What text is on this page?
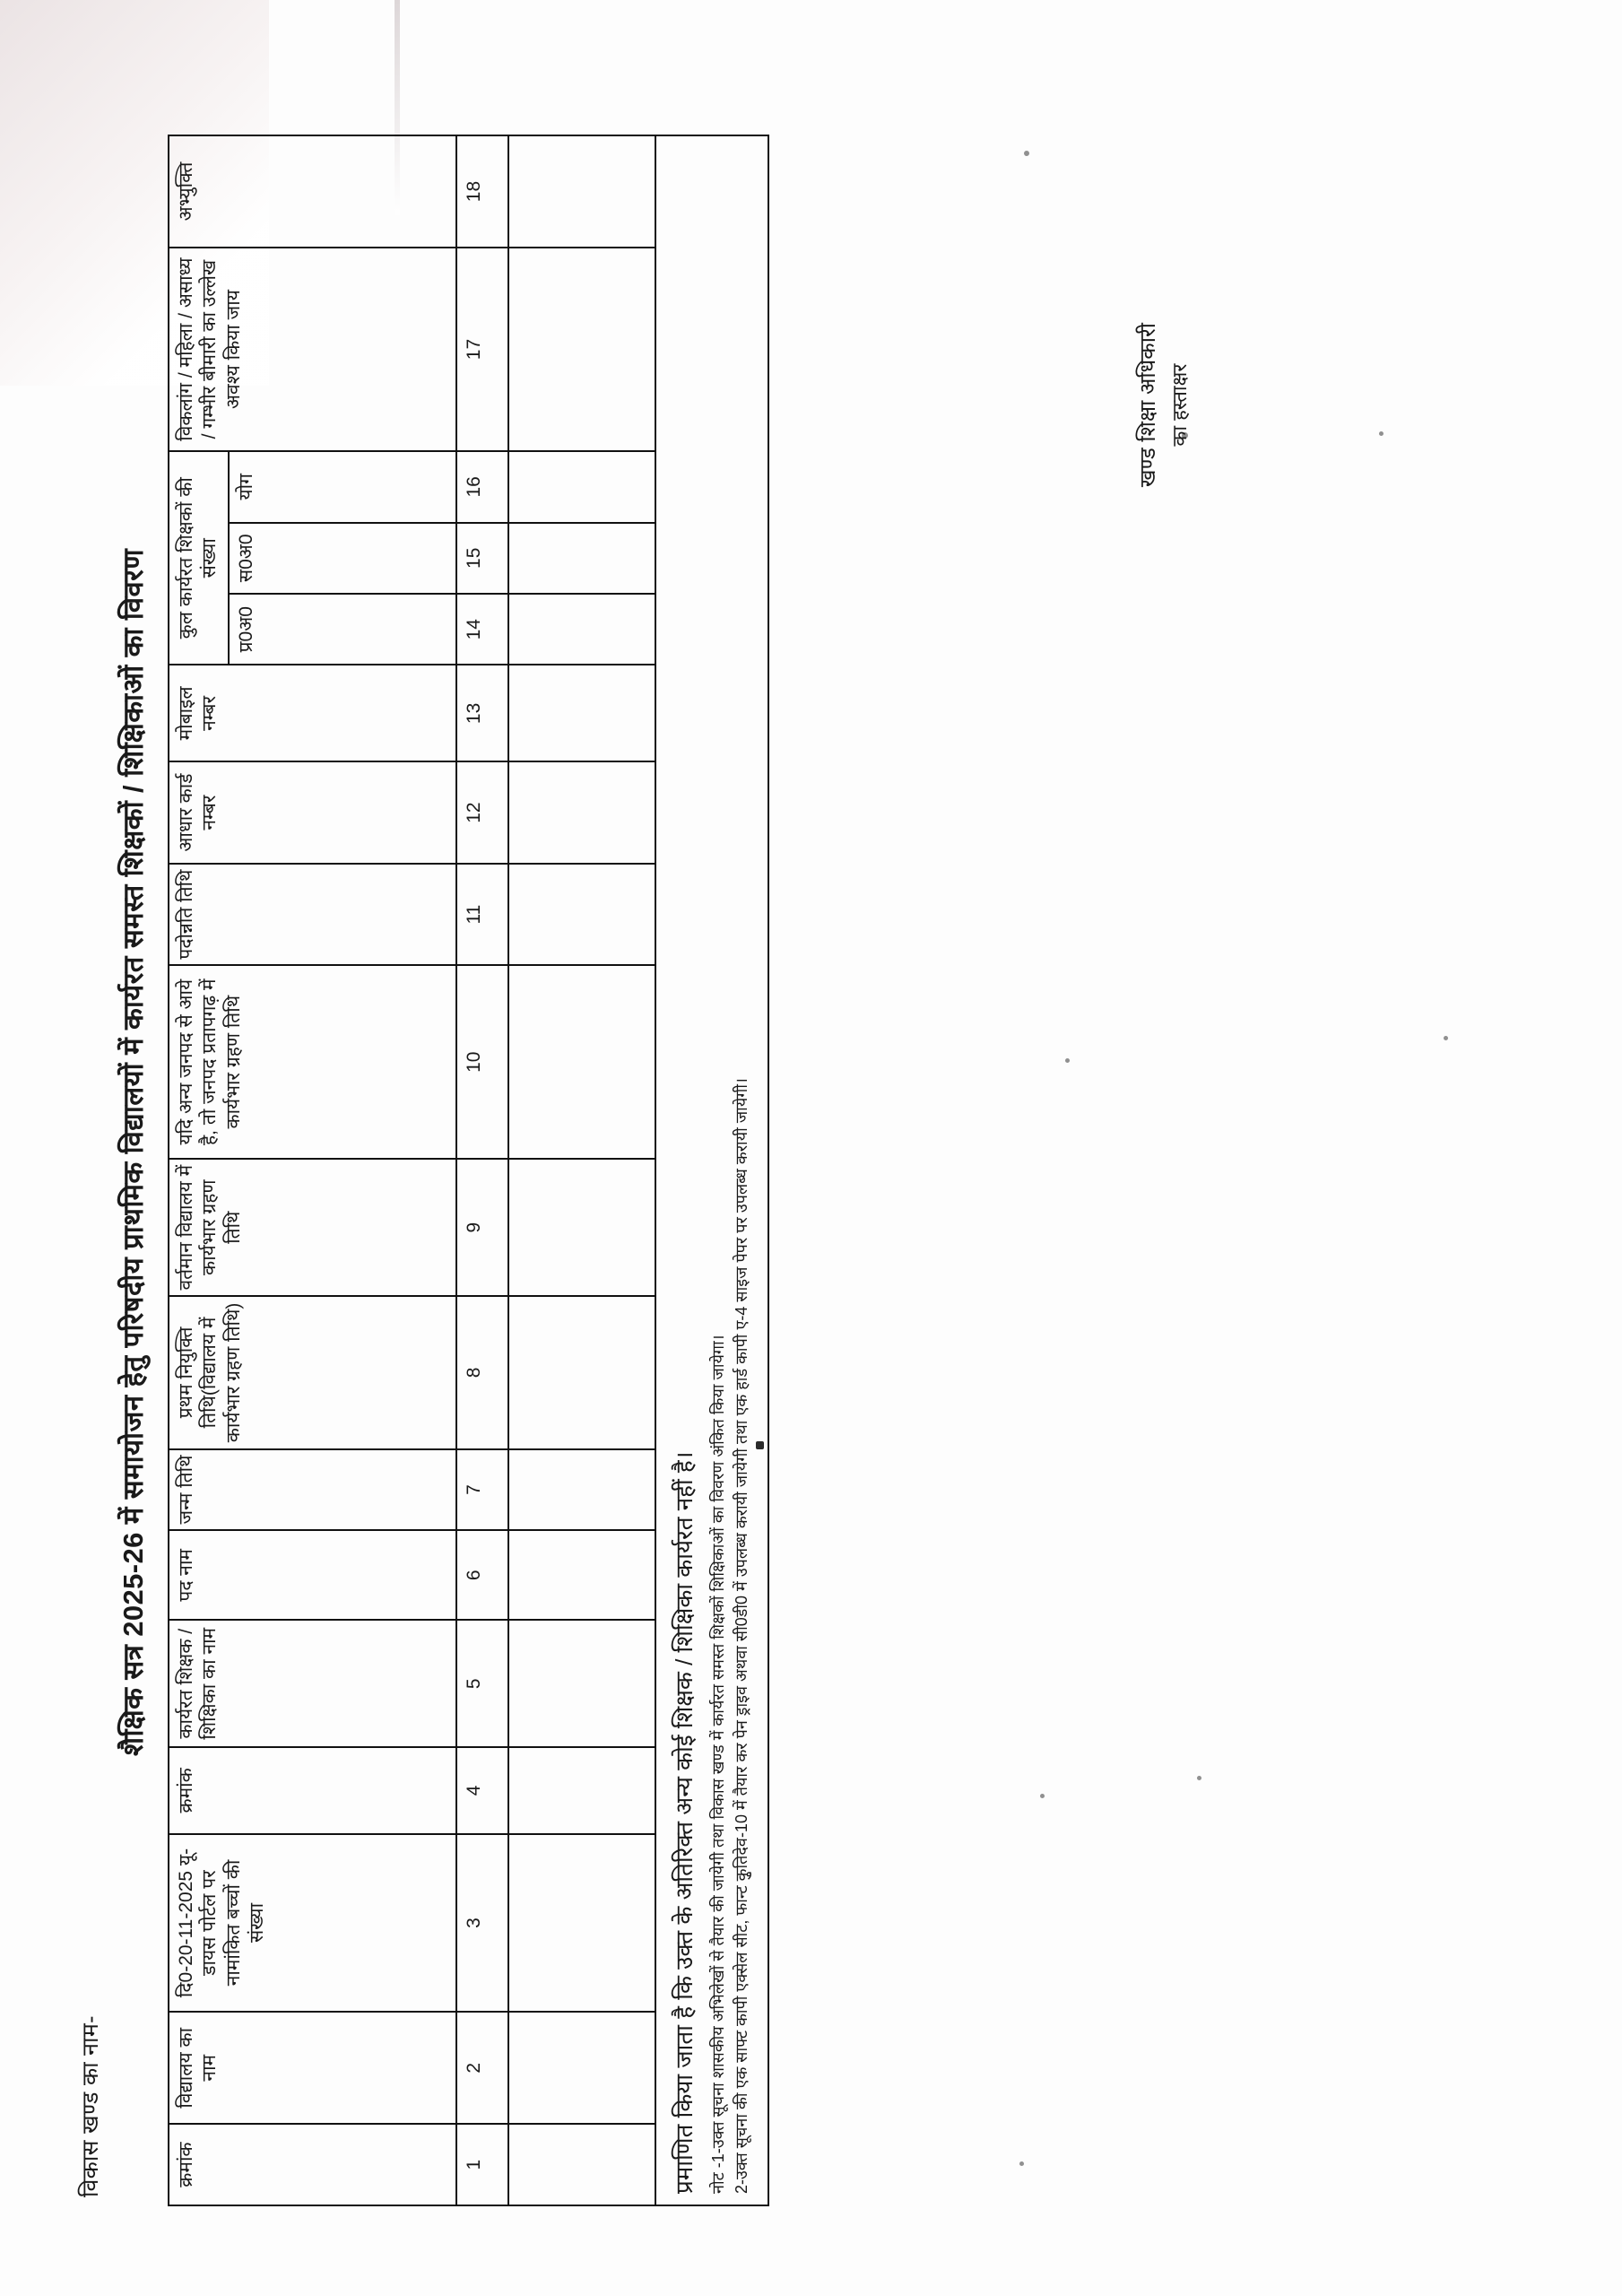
विकास खण्ड का नाम-
शैक्षिक सत्र 2025-26 में समायोजन हेतु परिषदीय प्राथमिक विद्यालयों में कार्यरत समस्त शिक्षकों / शिक्षिकाओं का विवरण
क्रमांक	विद्यालय का नाम	दि0-20-11-2025 यू-डायस पोर्टल पर नामांकित बच्चों की संख्या	क्रमांक	कार्यरत शिक्षक / शिक्षिका का नाम	पद नाम	जन्म तिथि	प्रथम नियुक्ति तिथि(विद्यालय में कार्यभार ग्रहण तिथि)	वर्तमान विद्यालय में कार्यभार ग्रहण तिथि	यदि अन्य जनपद से आये है, तो जनपद प्रतापगढ़ में कार्यभार ग्रहण तिथि	पदोन्नति तिथि	आधार कार्ड नम्बर	मोबाइल नम्बर	कुल कार्यरत शिक्षकों की संख्या			विकलांग / महिला / असाध्य / गम्भीर बीमारी का उल्लेख अवश्य किया जाय	अभ्युक्ति

													प्र0अ0	स0अ0	योग		
1	2	3	4	5	6	7	8	9	10	11	12	13	14	15	16	17	18

प्रमाणित किया जाता है कि उक्त के अतिरिक्त अन्य कोई शिक्षक / शिक्षिका कार्यरत नहीं है। नोट -1-उक्त सूचना शासकीय अभिलेखों से तैयार की जायेगी तथा विकास खण्ड में कार्यरत समस्त शिक्षकों शिक्षिकाओं का विवरण अंकित किया जायेगा। 2-उक्त सूचना की एक साफ्ट कापी एक्सेल सीट, फान्ट कुृतिदेव-10 में तैयार कर पेन ड्राइव अथवा सी0डी0 में उपलब्ध करायी जायेगी तथा एक हार्ड कापी ए-4 साइज पेपर पर उपलब्ध करायी जायेगी।
खण्ड शिक्षा अधिकारी का हस्ताक्षर
